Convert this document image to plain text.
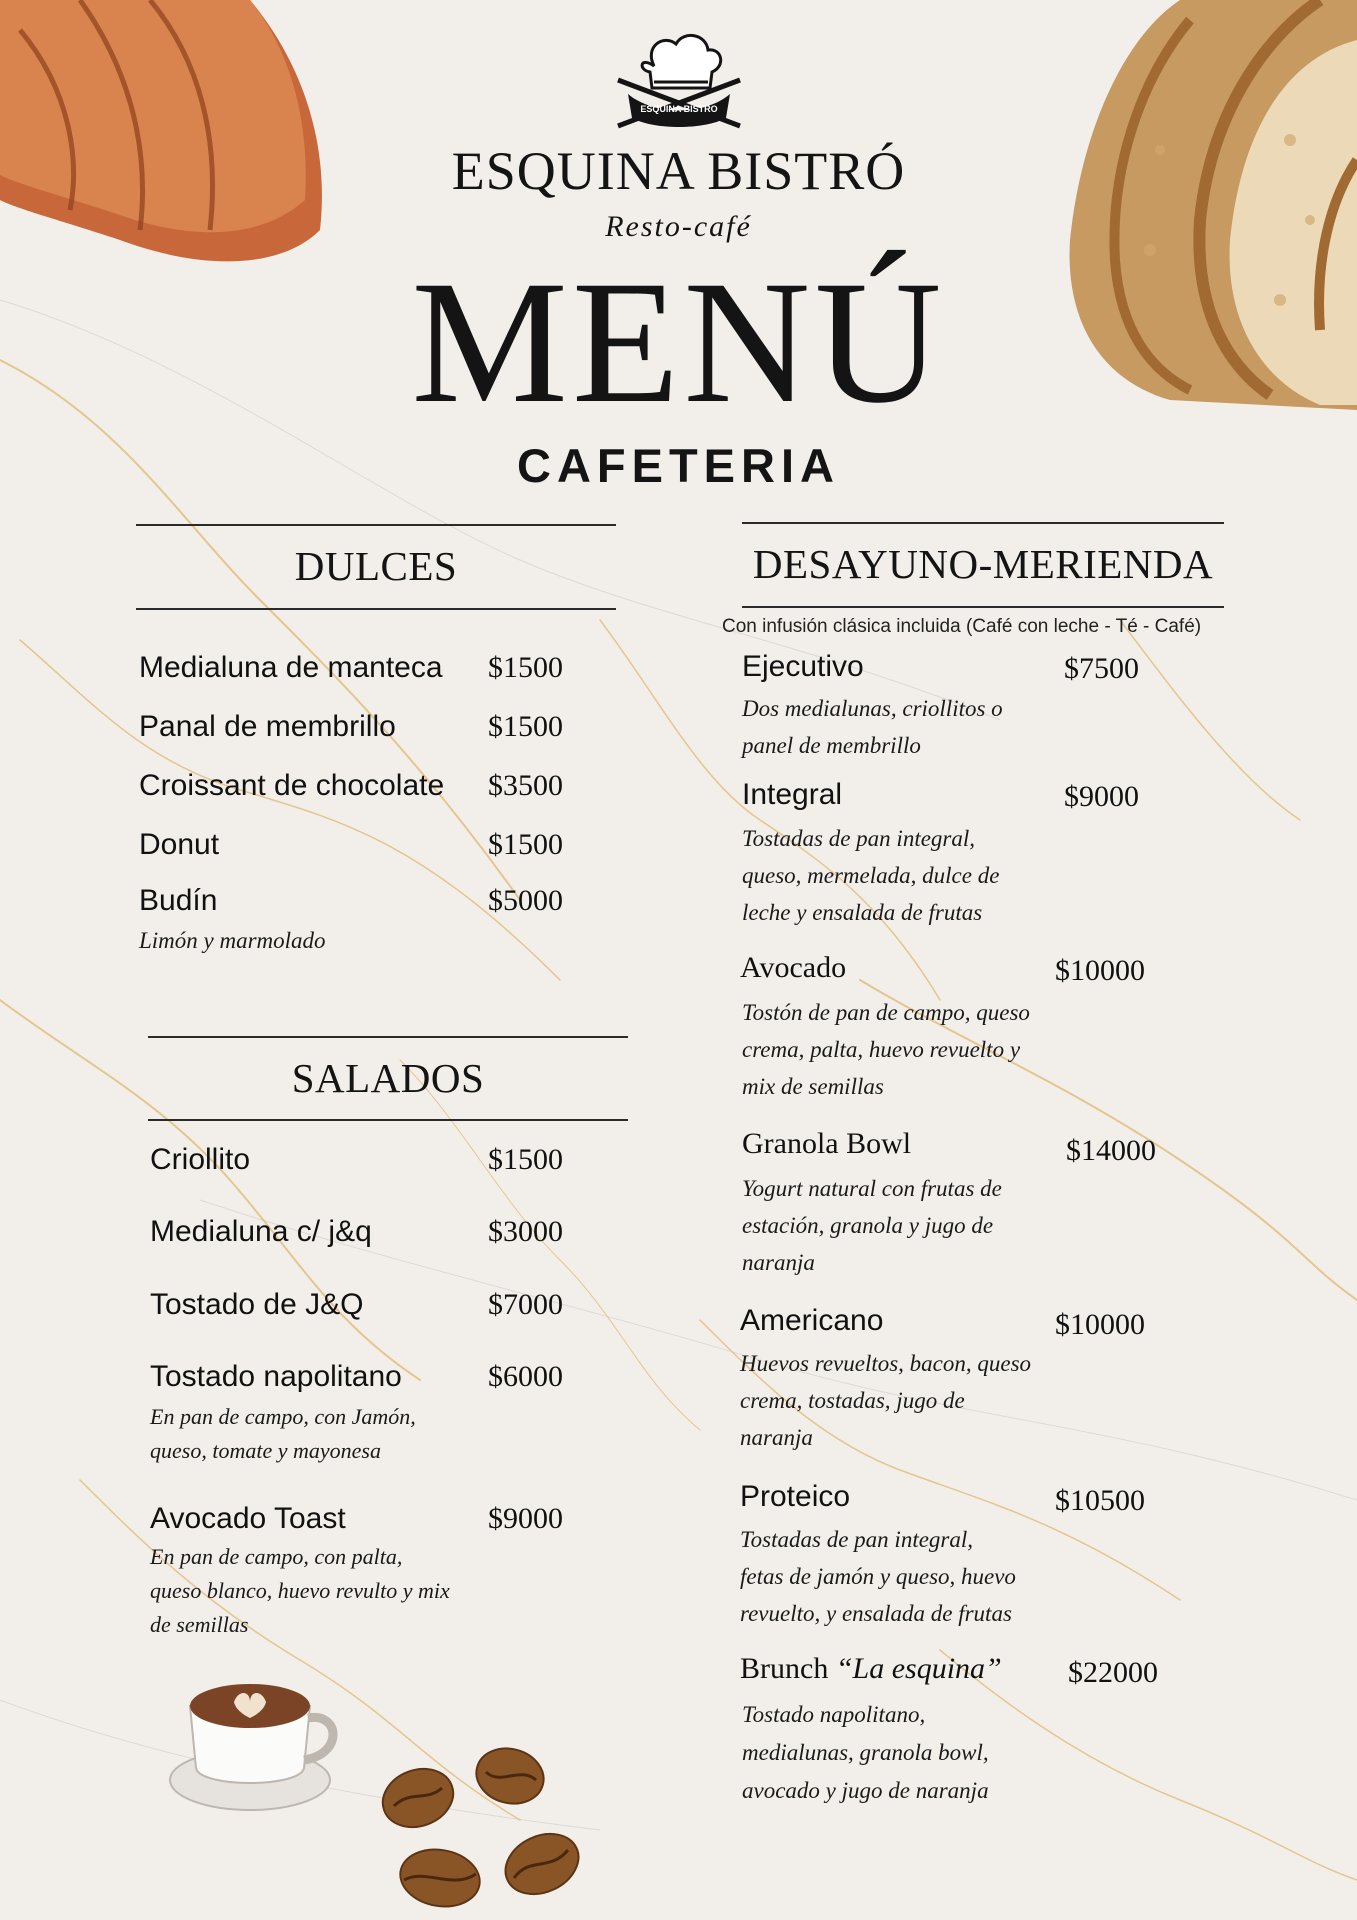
ESQUINA BISTRO
ESQUINA BISTRÓ
Resto-café
MENÚ
CAFETERIA
DULCES
Medialuna de manteca $1500
Panal de membrillo	$1500
Croissant de chocolate $3500
Donut	$1500
Budín	$5000
Limón y marmolado
SALADOS
Criollito	$1500
Medialuna c/ j&q	$3000
Tostado de J&Q	$7000
Tostado napolitano	$6000
En pan de campo, con Jamón,
queso, tomate y mayonesa
Avocado Toast	$9000
En pan de campo, con palta,
queso blanco, huevo revulto y mix
de semillas
DESAYUNO-MERIENDA
Con infusión clásica incluida (Café con leche - Té - Café)
Ejecutivo	$7500
Dos medialunas, criollitos o
panel de membrillo
Integral	$9000
Tostadas de pan integral,
queso, mermelada, dulce de
leche y ensalada de frutas
Avocado	$10000
Tostón de pan de campo, queso
crema, palta, huevo revuelto y
mix de semillas
Granola Bowl	$14000
Yogurt natural con frutas de
estación, granola y jugo de
naranja
Americano	$10000
Huevos revueltos, bacon, queso
crema, tostadas, jugo de
naranja
Proteico	$10500
Tostadas de pan integral,
fetas de jamón y queso, huevo
revuelto, y ensalada de frutas
Brunch “La esquina” $22000
Tostado napolitano,
medialunas, granola bowl,
avocado y jugo de naranja
